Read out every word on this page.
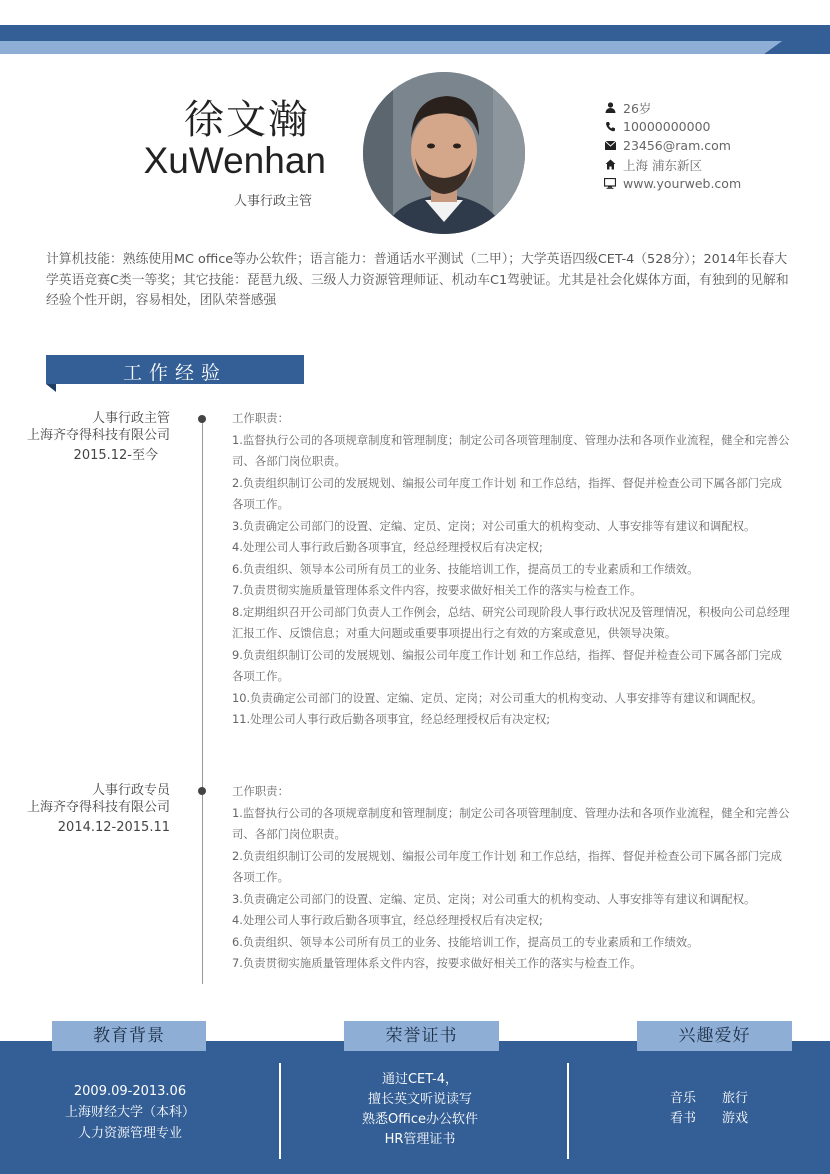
徐文瀚
XuWenhan
人事行政主管
26岁
10000000000
23456@ram.com
上海 浦东新区
www.yourweb.com
计算机技能：熟练使用MC office等办公软件；语言能力：普通话水平测试（二甲）；大学英语四级CET-4（528分）；2014年长春大学英语竞赛C类一等奖；其它技能：琵琶九级、三级人力资源管理师证、机动车C1驾驶证。尤其是社会化媒体方面，有独到的见解和经验个性开朗，容易相处，团队荣誉感强
工作经验
人事行政主管
上海齐夺得科技有限公司
2015.12-至今
工作职责：
1.监督执行公司的各项规章制度和管理制度；制定公司各项管理制度、管理办法和各项作业流程，健全和完善公司、各部门岗位职责。
2.负责组织制订公司的发展规划、编报公司年度工作计划 和工作总结，指挥、督促并检查公司下属各部门完成各项工作。
3.负责确定公司部门的设置、定编、定员、定岗；对公司重大的机构变动、人事安排等有建议和调配权。
4.处理公司人事行政后勤各项事宜，经总经理授权后有决定权;
6.负责组织、领导本公司所有员工的业务、技能培训工作，提高员工的专业素质和工作绩效。
7.负责贯彻实施质量管理体系文件内容，按要求做好相关工作的落实与检查工作。
8.定期组织召开公司部门负责人工作例会，总结、研究公司现阶段人事行政状况及管理情况，积极向公司总经理汇报工作、反馈信息；对重大问题或重要事项提出行之有效的方案或意见，供领导决策。
9.负责组织制订公司的发展规划、编报公司年度工作计划 和工作总结，指挥、督促并检查公司下属各部门完成各项工作。
10.负责确定公司部门的设置、定编、定员、定岗；对公司重大的机构变动、人事安排等有建议和调配权。
11.处理公司人事行政后勤各项事宜，经总经理授权后有决定权;
人事行政专员
上海齐夺得科技有限公司
2014.12-2015.11
工作职责：
1.监督执行公司的各项规章制度和管理制度；制定公司各项管理制度、管理办法和各项作业流程，健全和完善公司、各部门岗位职责。
2.负责组织制订公司的发展规划、编报公司年度工作计划 和工作总结，指挥、督促并检查公司下属各部门完成各项工作。
3.负责确定公司部门的设置、定编、定员、定岗；对公司重大的机构变动、人事安排等有建议和调配权。
4.处理公司人事行政后勤各项事宜，经总经理授权后有决定权;
6.负责组织、领导本公司所有员工的业务、技能培训工作，提高员工的专业素质和工作绩效。
7.负责贯彻实施质量管理体系文件内容，按要求做好相关工作的落实与检查工作。
教育背景	荣誉证书	兴趣爱好
2009.09-2013.06
上海财经大学（本科）
人力资源管理专业
通过CET-4，
擅长英文听说读写
熟悉Office办公软件
HR管理证书
音乐 旅行
看书 游戏
